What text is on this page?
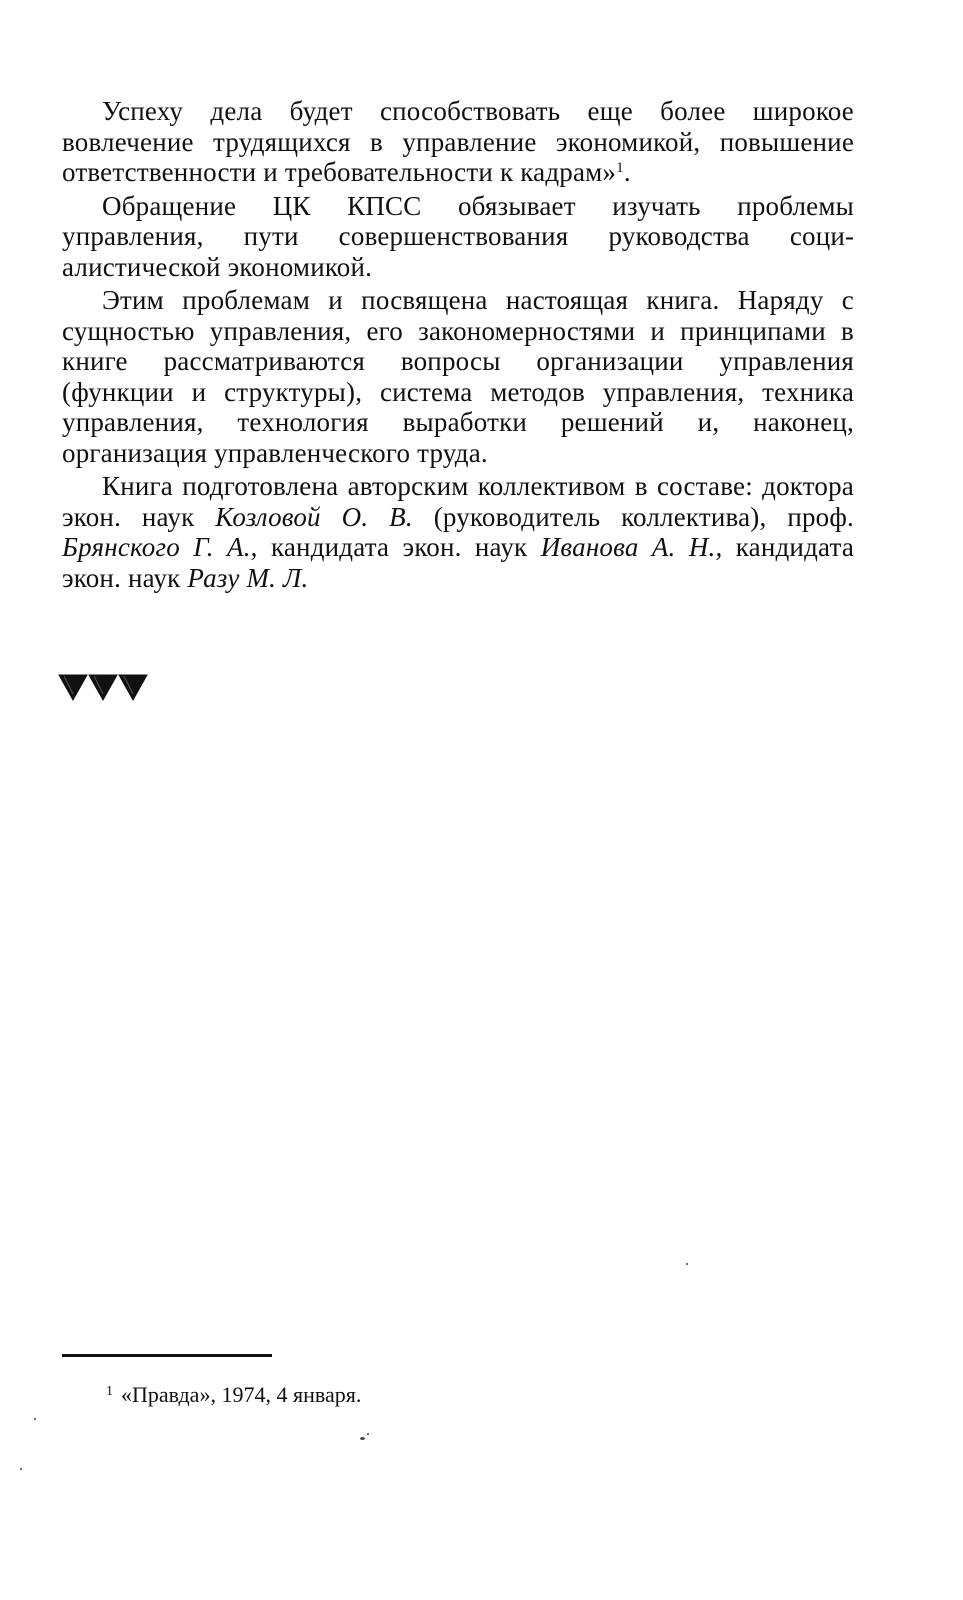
Успеху дела будет способствовать еще более широкое вовлечение трудящихся в управление экономикой, повышение ответственности и требовательности к кадрам»$^1$.

Обращение ЦК КПСС обязывает изучать проблемы управления, пути совершенствования руководства социалистической экономикой.

Этим проблемам и посвящена настоящая книга. Наряду с сущностью управления, его закономерностями и принципами в книге рассматриваются вопросы организации управления (функции и структуры), система методов управления, техника управления, технология выработки решений и, наконец, организация управленческого труда.

Книга подготовлена авторским коллективом в составе: доктора экон. наук Козловой О. В. (руководитель коллектива), проф. Брянского Г. А., кандидата экон. наук Иванова А. Н., кандидата экон. наук Разу М. Л.

$^1$ «Правда», 1974, 4 января.
